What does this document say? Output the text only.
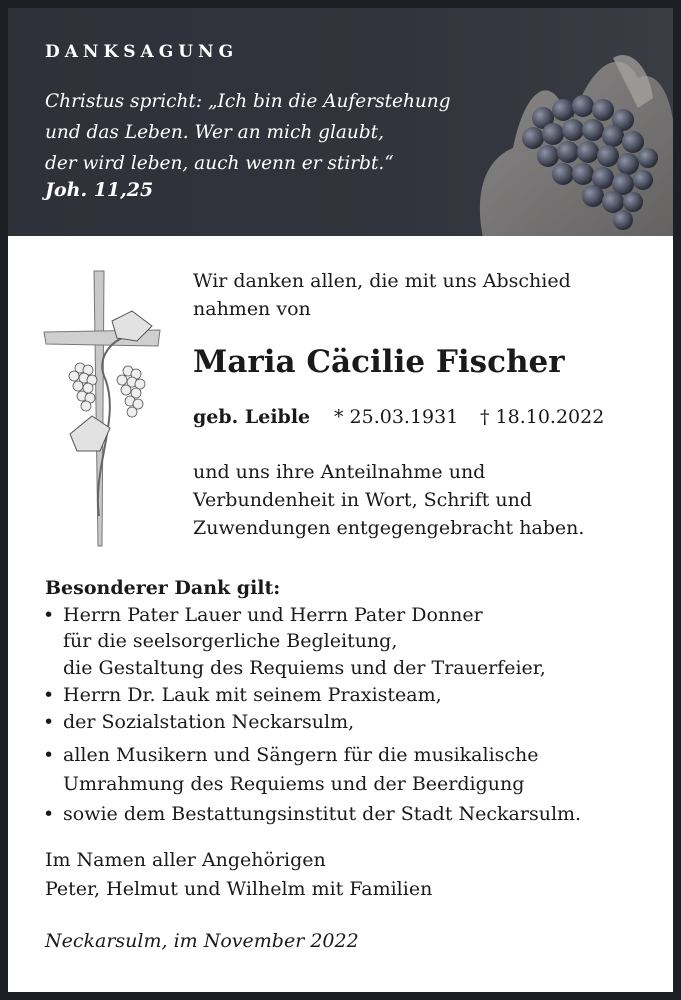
DANKSAGUNG
Christus spricht: „Ich bin die Auferstehung
und das Leben. Wer an mich glaubt,
der wird leben, auch wenn er stirbt.“
Joh. 11,25
Wir danken allen, die mit uns Abschied
nahmen von
Maria Cäcilie Fischer
geb. Leible * 25.03.1931 † 18.10.2022
und uns ihre Anteilnahme und
Verbundenheit in Wort, Schrift und
Zuwendungen entgegengebracht haben.
Besonderer Dank gilt:
• Herrn Pater Lauer und Herrn Pater Donner
für die seelsorgerliche Begleitung,
die Gestaltung des Requiems und der Trauerfeier,
• Herrn Dr. Lauk mit seinem Praxisteam,
• der Sozialstation Neckarsulm,
• allen Musikern und Sängern für die musikalische
Umrahmung des Requiems und der Beerdigung
• sowie dem Bestattungsinstitut der Stadt Neckarsulm.
Im Namen aller Angehörigen
Peter, Helmut und Wilhelm mit Familien
Neckarsulm, im November 2022
